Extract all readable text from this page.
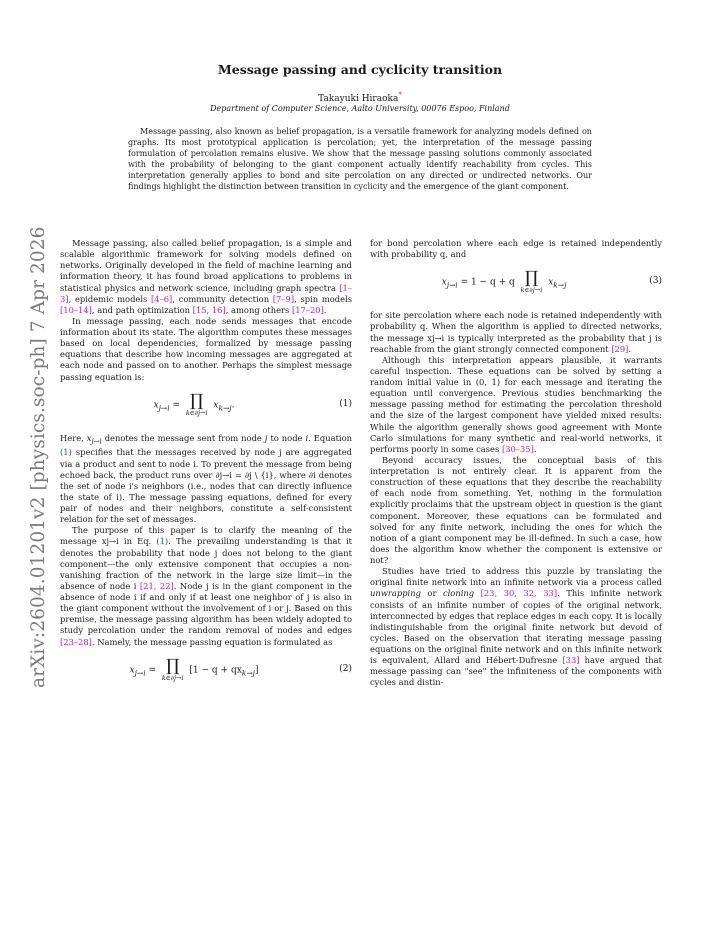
arXiv:2604.01201v2 [physics.soc-ph] 7 Apr 2026
Message passing and cyclicity transition
Takayuki Hiraoka*
Department of Computer Science, Aalto University, 00076 Espoo, Finland

Message passing, also known as belief propagation, is a versatile framework for analyzing models defined on graphs. Its most prototypical application is percolation; yet, the interpretation of the message passing formulation of percolation remains elusive. We show that the message passing solutions commonly associated with the probability of belonging to the giant component actually identify reachability from cycles. This interpretation generally applies to bond and site percolation on any directed or undirected networks. Our findings highlight the distinction between transition in cyclicity and the emergence of the giant component.

Message passing, also called belief propagation, is a simple and scalable algorithmic framework for solving models defined on networks. Originally developed in the field of machine learning and information theory, it has found broad applications to problems in statistical physics and network science, including graph spectra [1–3], epidemic models [4–6], community detection [7–9], spin models [10–14], and path optimization [15, 16], among others [17–20].

In message passing, each node sends messages that encode information about its state. The algorithm computes these messages based on local dependencies, formalized by message passing equations that describe how incoming messages are aggregated at each node and passed on to another. Perhaps the simplest message passing equation is:

$x_{j\to i}$ = ∏
k∈∂j→i
$x_{k\to j}$.	(1)

Here, $x_{j\to i}$ denotes the message sent from node j to node i. Equation (1) specifies that the messages received by node j are aggregated via a product and sent to node i. To prevent the message from being echoed back, the product runs over ∂j→i = ∂j \ {i}, where ∂i denotes the set of node i's neighbors (i.e., nodes that can directly influence the state of i). The message passing equations, defined for every pair of nodes and their neighbors, constitute a self-consistent relation for the set of messages.

The purpose of this paper is to clarify the meaning of the message xj→i in Eq. (1). The prevailing understanding is that it denotes the probability that node j does not belong to the giant component—the only extensive component that occupies a non-vanishing fraction of the network in the large size limit—in the absence of node i [21, 22]. Node j is in the giant component in the absence of node i if and only if at least one neighbor of j is also in the giant component without the involvement of i or j. Based on this premise, the message passing algorithm has been widely adopted to study percolation under the random removal of nodes and edges [23–28]. Namely, the message passing equation is formulated as

$x_{j\to i}$ = ∏
k∈∂j→i
$[1 - q + qx_{k\to j}]$	(2)

for bond percolation where each edge is retained independently with probability q, and

$x_{j\to i} = 1 - q + q$ ∏
k∈∂j→i
$x_{k\to j}$	(3)

for site percolation where each node is retained independently with probability q. When the algorithm is applied to directed networks, the message xj→i is typically interpreted as the probability that j is reachable from the giant strongly connected component [29].

Although this interpretation appears plausible, it warrants careful inspection. These equations can be solved by setting a random initial value in (0, 1) for each message and iterating the equation until convergence. Previous studies benchmarking the message passing method for estimating the percolation threshold and the size of the largest component have yielded mixed results: While the algorithm generally shows good agreement with Monte Carlo simulations for many synthetic and real-world networks, it performs poorly in some cases [30–35].

Beyond accuracy issues, the conceptual basis of this interpretation is not entirely clear. It is apparent from the construction of these equations that they describe the reachability of each node from something. Yet, nothing in the formulation explicitly proclaims that the upstream object in question is the giant component. Moreover, these equations can be formulated and solved for any finite network, including the ones for which the notion of a giant component may be ill-defined. In such a case, how does the algorithm know whether the component is extensive or not?

Studies have tried to address this puzzle by translating the original finite network into an infinite network via a process called unwrapping or cloning [23, 30, 32, 33]. This infinite network consists of an infinite number of copies of the original network, interconnected by edges that replace edges in each copy. It is locally indistinguishable from the original finite network but devoid of cycles. Based on the observation that iterating message passing equations on the original finite network and on this infinite network is equivalent, Allard and Hébert-Dufresne [33] have argued that message passing can "see" the infiniteness of the components with cycles and distin-
